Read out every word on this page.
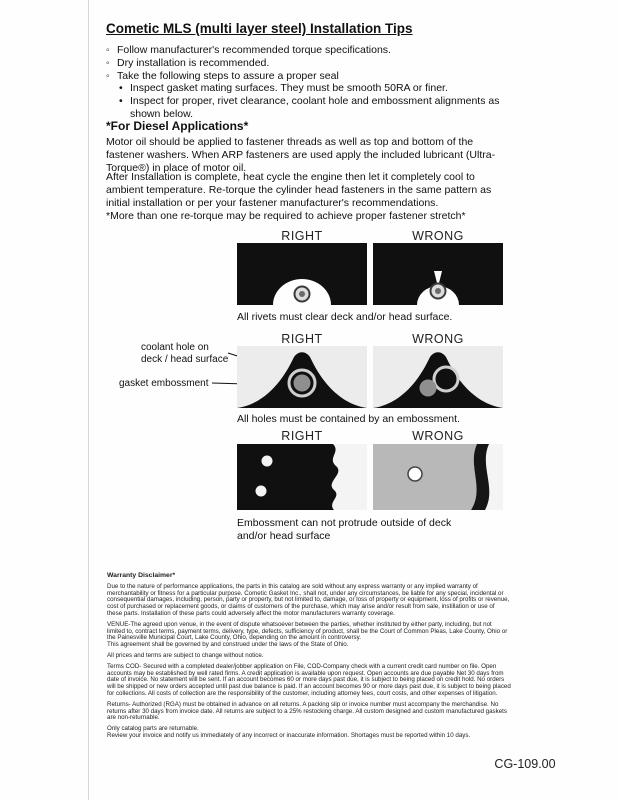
Cometic MLS (multi layer steel) Installation Tips
◦ Follow manufacturer's recommended torque specifications.
◦ Dry installation is recommended.
◦ Take the following steps to assure a proper seal
• Inspect gasket mating surfaces. They must be smooth 50RA or finer.
• Inspect for proper, rivet clearance, coolant hole and embossment alignments as shown below.
*For Diesel Applications*

Motor oil should be applied to fastener threads as well as top and bottom of the fastener washers. When ARP fasteners are used apply the included lubricant (Ultra-Torque®) in place of motor oil.

After Installation is complete, heat cycle the engine then let it completely cool to ambient temperature. Re-torque the cylinder head fasteners in the same pattern as initial installation or per your fastener manufacturer's recommendations.

*More than one re-torque may be required to achieve proper fastener stretch*

RIGHT	WRONG
All rivets must clear deck and/or head surface.
RIGHT	WRONG
coolant hole on
deck / head surface
gasket embossment
All holes must be contained by an embossment.
RIGHT	WRONG
Embossment can not protrude outside of deck and/or head surface
Warranty Disclaimer*

Due to the nature of performance applications, the parts in this catalog are sold without any express warranty or any implied warranty of merchantability or fitness for a particular purpose. Cometic Gasket Inc., shall not, under any circumstances, be liable for any special, incidental or consequential damages, including, person, party or property, but not limited to, damage, or loss of property or equipment, loss of profits or revenue, cost of purchased or replacement goods, or claims of customers of the purchase, which may arise and/or result from sale, instillation or use of these parts. Installation of these parts could adversely affect the motor manufacturers warranty coverage.

VENUE-The agreed upon venue, in the event of dispute whatsoever between the parties, whether instituted by either party, including, but not limited to, contract terms, payment terms, delivery, type, defects, sufficiency of product, shall be the Court of Common Pleas, Lake County, Ohio or the Painesville Municipal Court, Lake County, Ohio, depending on the amount in controversy.

This agreement shall be governed by and construed under the laws of the State of Ohio.

All prices and terms are subject to change without notice.

Terms COD- Secured with a completed dealer/jobber application on File, COD-Company check with a current credit card number on file. Open accounts may be established by well rated firms. A credit application is available upon request. Open accounts are due payable Net 30 days from date of invoice. No statement will be sent. If an account becomes 60 or more days past due, it is subject to being placed on credit hold. No orders will be shipped or new orders accepted until past due balance is paid. If an account becomes 90 or more days past due, it is subject to being placed for collections. All costs of collection are the responsibility of the customer, including attorney fees, court costs, and other expenses of litigation.

Returns- Authorized (RGA) must be obtained in advance on all returns. A packing slip or invoice number must accompany the merchandise. No returns after 30 days from invoice date. All returns are subject to a 25% restocking charge. All custom designed and custom manufactured gaskets are non-returnable.

Only catalog parts are returnable.

Review your invoice and notify us immediately of any incorrect or inaccurate information. Shortages must be reported within 10 days.

CG-109.00
